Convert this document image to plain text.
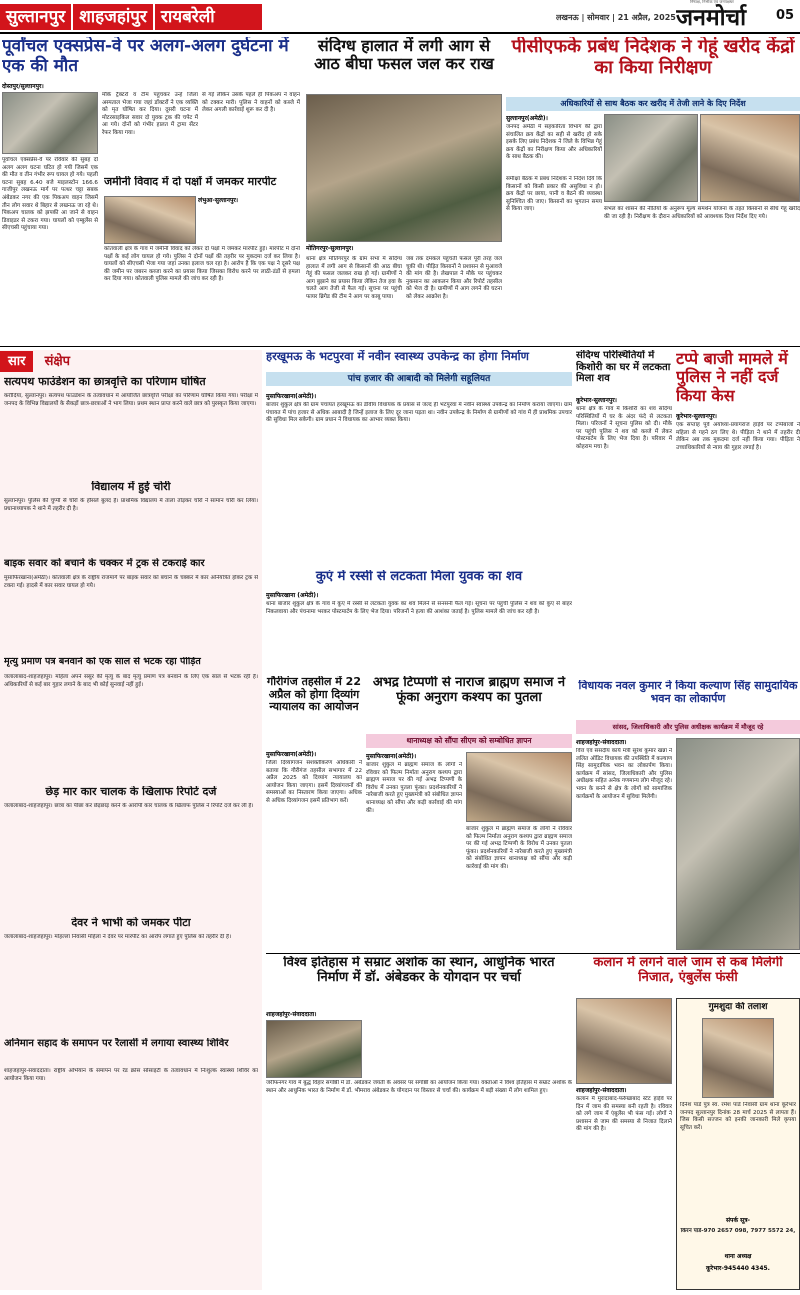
सुल्तानपुर शाहजहांपुर रायबरेली	लखनऊ | सोमवार | 21 अप्रैल, 2025 जनमोर्चा
निष्पक्ष, निर्भीक एवं जनपक्षधर
05
पूर्वांचल एक्सप्रेस-वे पर अलग-अलग दुर्घटना में एक की मौत
दोस्तपुर/सुल्तानपुर।
पूर्वांचल एक्सप्रेस-वे पर रविवार की सुबह दो अलग अलग घटना घटित हो गयी जिसमें एक की मौत व तीन गंभीर रूप घायल हो गये। पहली घटना सुबह 6.40 बजे माइलस्टोन 166.6 गाजीपुर लखनऊ मार्ग पर पत्थर चट्टा सबक अंबेडकर नगर की एक पिकअप वाहन जिसमें तीन लोग सवार थे बिहार से लखनऊ जा रहे थे। पिकअप चालक को झपकी आ जाने से वाहन डिवाइडर से टकरा गया। घायलों को एम्बुलेंस से सीएचसी पहुंचाया गया।
मौके ट्रैक्टरों व टीम पहुंचकर उन्हें जिला अस्पताल भेजा गया जहां डॉक्टरों ने एक व्यक्ति को मृत घोषित कर दिया। दूसरी घटना में मोटरसाइकिल सवार दो युवक ट्रक की चपेट में आ गये। दोनों को गंभीर हालत में ट्रामा सेंटर रेफर किया गया।
से गई लेकिन उसके पहले ही पिकअप ने वाहन को टक्कर मारी। पुलिस ने वाहनों को कब्जे में लेकर अगली कार्रवाई शुरू कर दी है।
जमीनी विवाद में दो पक्षों में जमकर मारपीट
लंभुआ-सुल्तानपुर।
कोतवाली क्षेत्र के गांव में जमीनी विवाद को लेकर दो पक्षों में जमकर मारपीट हुई। मारपीट में दोनों पक्षों के कई लोग घायल हो गये। पुलिस ने दोनों पक्षों की तहरीर पर मुकदमा दर्ज कर लिया है। घायलों को सीएचसी भेजा गया जहां उनका इलाज चल रहा है। आरोप है कि एक पक्ष ने दूसरे पक्ष की जमीन पर जबरन कब्जा करने का प्रयास किया जिसका विरोध करने पर लाठी-डंडों से हमला कर दिया गया। कोतवाली पुलिस मामले की जांच कर रही है।
संदिग्ध हालात में लगी आग से आठ बीघा फसल जल कर राख
मोतिगरपुर-सुल्तानपुर।
थाना क्षेत्र मोतिगरपुर के ग्राम सभा में संदिग्ध हालात में लगी आग से किसानों की आठ बीघा गेहूं की फसल जलकर राख हो गई। ग्रामीणों ने आग बुझाने का प्रयास किया लेकिन तेज हवा के चलते आग तेजी से फैल गई। सूचना पर पहुंची फायर ब्रिगेड की टीम ने आग पर काबू पाया।
जब तक दमकल पहुंचती फसल पूरी तरह जल चुकी थी। पीड़ित किसानों ने प्रशासन से मुआवजे की मांग की है। लेखपाल ने मौके पर पहुंचकर नुकसान का आकलन किया और रिपोर्ट तहसील को भेज दी है। ग्रामीणों में आग लगने की घटना को लेकर आक्रोश है।
पीसीएफके प्रबंध निदेशक ने गेहूं खरीद केंद्रों का किया निरीक्षण
अधिकारियों से साथ बैठक कर खरीद में तेजी लाने के दिए निर्देश
सुल्तानपुर(अमेठी)।
जनपद अमेठी में सहकारिता विभाग की द्वारा संचालित क्रय केंद्रों का सही से खरीद हो सके इसके लिए प्रबंध निदेशक ने जिले के विभिन्न गेहूं क्रय केंद्रों का निरीक्षण किया और अधिकारियों के साथ बैठक की।
समीक्षा बैठक में प्रबंध निदेशक ने निर्देश दिये कि किसानों को किसी प्रकार की असुविधा न हो। क्रय केंद्रों पर छाया, पानी व बैठने की व्यवस्था सुनिश्चित की जाए। किसानों का भुगतान समय से किया जाए।	संभल का शासन की नीतियों के अनुरूप मूल्य समर्थन योजना के तहत किसानों से सीधे गेहूं खरीद की जा रही है। निरीक्षण के दौरान अधिकारियों को आवश्यक दिशा निर्देश दिए गये।
सार संक्षेप
सत्यपथ फाउंडेशन का छात्रवृत्ति का परिणाम घोषित
करौंदिया, सुल्तानपुर। सत्यपथ फाउंडेशन के तत्वावधान में आयोजित छात्रवृत्ति परीक्षा का परिणाम घोषित किया गया। परीक्षा में जनपद के विभिन्न विद्यालयों के सैकड़ों छात्र-छात्राओं ने भाग लिया। प्रथम स्थान प्राप्त करने वाले छात्र को पुरस्कृत किया जाएगा।
विद्यालय में हुई चोरी
सुल्तानपुर। पुलिस की चुप्पी से चोरों के हौसले बुलंद हैं। प्राथमिक विद्यालय में ताला तोड़कर चोरों ने सामान चोरी कर लिया। प्रधानाध्यापक ने थाने में तहरीर दी है।
बाइक सवार को बचाने के चक्कर में ट्रक से टकराई कार
मुसाफिरखाना(अमेठी)। कोतवाली क्षेत्र के राष्ट्रीय राजमार्ग पर बाइक सवार को बचाने के चक्कर में कार अनियंत्रित होकर ट्रक से टकरा गई। हादसे में कार सवार घायल हो गये।
मृत्यु प्रमाण पत्र बनवाने को एक साल से भटक रहा पीड़ित
जलालाबाद-शाहजहांपुर। महिला अपने ससुर की मृत्यु के बाद मृत्यु प्रमाण पत्र बनवाने के लिए एक साल से भटक रही है। अधिकारियों से कई बार गुहार लगाने के बाद भी कोई सुनवाई नहीं हुई।
छेड़ मार कार चालक के खिलाफ रिपोर्ट दर्ज
जलालाबाद-शाहजहांपुर। छात्रा का पीछा कर छेड़छाड़ करने के आरोपी कार चालक के खिलाफ पुलिस ने रिपोर्ट दर्ज कर ली है।
देवर ने भाभी को जमकर पीटा
जलालाबाद-शाहजहांपुर। मोहल्ला निवासी महिला ने देवर पर मारपीट का आरोप लगाते हुए पुलिस को तहरीर दी है।
अनिमान सहाद के समापन पर रैलासीं में लगाया स्वास्थ्य शिविर
शाहजहांपुर-संवाददाता। राष्ट्रीय अभियान के समापन पर रेड क्रॉस सोसाइटी के तत्वावधान में निःशुल्क स्वास्थ्य शिविर का आयोजन किया गया।
हरखूमऊ के भटपुरवा में नवीन स्वास्थ्य उपकेन्द्र का होगा निर्माण
पांच हजार की आबादी को मिलेगी सहूलियत
मुसाफिरखाना(अमेठी)।
बाजार शुकुल क्षेत्र की ग्राम पंचायत हरखूमऊ का डीवीय विधायक के प्रयास से जल्द ही भटपुरवा में नवीन स्वास्थ्य उपकेन्द्र का निर्माण कराया जाएगा। ग्राम पंचायत में पांच हजार से अधिक आबादी है जिन्हें इलाज के लिए दूर जाना पड़ता था। नवीन उपकेन्द्र के निर्माण से ग्रामीणों को गांव में ही प्राथमिक उपचार की सुविधा मिल सकेगी। ग्राम प्रधान ने विधायक का आभार व्यक्त किया।
कुएं में रस्सी से लटकता मिला युवक का शव
मुसाफिरखाना (अमेठी)।
थाना बाजार शुकुल क्षेत्र के गांव में कुएं में रस्सी से लटकता युवक का शव मिलने से सनसनी फैल गई। सूचना पर पहुंची पुलिस ने शव को कुएं से बाहर निकलवाया और पंचनामा भरकर पोस्टमार्टम के लिए भेज दिया। परिजनों ने हत्या की आशंका जताई है। पुलिस मामले की जांच कर रही है।
गौरीगंज तहसील में 22 अप्रैल को होगा दिव्यांग न्यायालय का आयोजन
मुसाफिरखाना(अमेठी)।
जिला दिव्यांगजन सशक्तीकरण अधिकारी ने बताया कि गौरीगंज तहसील सभागार में 22 अप्रैल 2025 को दिव्यांग न्यायालय का आयोजन किया जाएगा। इसमें दिव्यांगजनों की समस्याओं का निस्तारण किया जाएगा। अधिक से अधिक दिव्यांगजन इसमें प्रतिभाग करें।
अभद्र टिप्पणी से नाराज ब्राह्मण समाज ने फूंका अनुराग कश्यप का पुतला
थानाध्यक्ष को सौंपा सीएम को सम्बोधित ज्ञापन
मुसाफिरखाना(अमेठी)।
बाजार शुकुल में ब्राह्मण समाज के लोगों ने रविवार को फिल्म निर्माता अनुराग कश्यप द्वारा ब्राह्मण समाज पर की गई अभद्र टिप्पणी के विरोध में उनका पुतला फूंका। प्रदर्शनकारियों ने नारेबाजी करते हुए मुख्यमंत्री को संबोधित ज्ञापन थानाध्यक्ष को सौंपा और कड़ी कार्रवाई की मांग की।
बाजार शुकुल में ब्राह्मण समाज के लोगों ने रविवार को फिल्म निर्माता अनुराग कश्यप द्वारा ब्राह्मण समाज पर की गई अभद्र टिप्पणी के विरोध में उनका पुतला फूंका। प्रदर्शनकारियों ने नारेबाजी करते हुए मुख्यमंत्री को संबोधित ज्ञापन थानाध्यक्ष को सौंपा और कड़ी कार्रवाई की मांग की।
संदिग्ध परिस्थितियों में किशोरी का घर में लटकता मिला शव
कूरेभार-सुल्तानपुर।
थाना क्षेत्र के गांव में किशोरी का शव संदिग्ध परिस्थितियों में घर के अंदर फंदे से लटकता मिला। परिजनों ने सूचना पुलिस को दी। मौके पर पहुंची पुलिस ने शव को कब्जे में लेकर पोस्टमार्टम के लिए भेज दिया है। परिवार में कोहराम मचा है।
टप्पे बाजी मामले में पुलिस ने नहीं दर्ज किया केस
कूरेभार-सुल्तानपुर।
एक सप्ताह पूर्व अयोध्या-प्रयागराज हाईवे पर टप्पेबाजों ने महिला से गहने ठग लिए थे। पीड़िता ने थाने में तहरीर दी लेकिन अब तक मुकदमा दर्ज नहीं किया गया। पीड़िता ने उच्चाधिकारियों से न्याय की गुहार लगाई है।
विधायक नवल कुमार ने किया कल्याण सिंह सामुदायिक भवन का लोकार्पण
सांसद, जिलाधिकारी और पुलिस अधीक्षक कार्यक्रम में मौजूद रहे
शाहजहांपुर-संवाददाता।
वित्त एवं संसदीय कार्य मंत्री सुरेश कुमार खन्ना ने ललित ऑडिट विधायक की उपस्थिति में कल्याण सिंह सामुदायिक भवन का लोकार्पण किया। कार्यक्रम में सांसद, जिलाधिकारी और पुलिस अधीक्षक सहित अनेक गणमान्य लोग मौजूद रहे। भवन के बनने से क्षेत्र के लोगों को सामाजिक कार्यक्रमों के आयोजन में सुविधा मिलेगी।
विश्व इतिहास में सम्राट अशोक का स्थान, आधुनिक भारत निर्माण में डॉ. अंबेडकर के योगदान पर चर्चा
शाहजहांपुर-संवाददाता।
जरीफनगर गांव में बुद्ध विहार संगोष्ठी में डॉ. अंबेडकर जयंती के अवसर पर संगोष्ठी का आयोजन किया गया। वक्ताओं ने विश्व इतिहास में सम्राट अशोक के स्थान और आधुनिक भारत के निर्माण में डॉ. भीमराव अंबेडकर के योगदान पर विस्तार से चर्चा की। कार्यक्रम में बड़ी संख्या में लोग शामिल हुए।
कलान में लगने वाले जाम से कब मिलेगी निजात, एंबुलेंस फंसी
शाहजहांपुर-संवाददाता।
कलान में मुरादाबाद-फर्रुखाबाद स्टेट हाईवे पर दिन में जाम की समस्या बनी रहती है। रविवार को लगे जाम में एंबुलेंस भी फंस गई। लोगों ने प्रशासन से जाम की समस्या से निजात दिलाने की मांग की है।
गुमशुदा की तलाश
दिनेश पांडे पुत्र स्व. रमेश पांडे निवासी ग्राम थाना कूरेभार जनपद सुल्तानपुर दिनांक 28 मार्च 2025 से लापता हैं। जिस किसी सज्जन को इनकी जानकारी मिले कृपया सूचित करें।
संपर्क सूत्र-
किरन पांडे-970 2657 098, 7977 5572 24,
थाना अध्यक्ष
कूरेभार-945440 4345.
